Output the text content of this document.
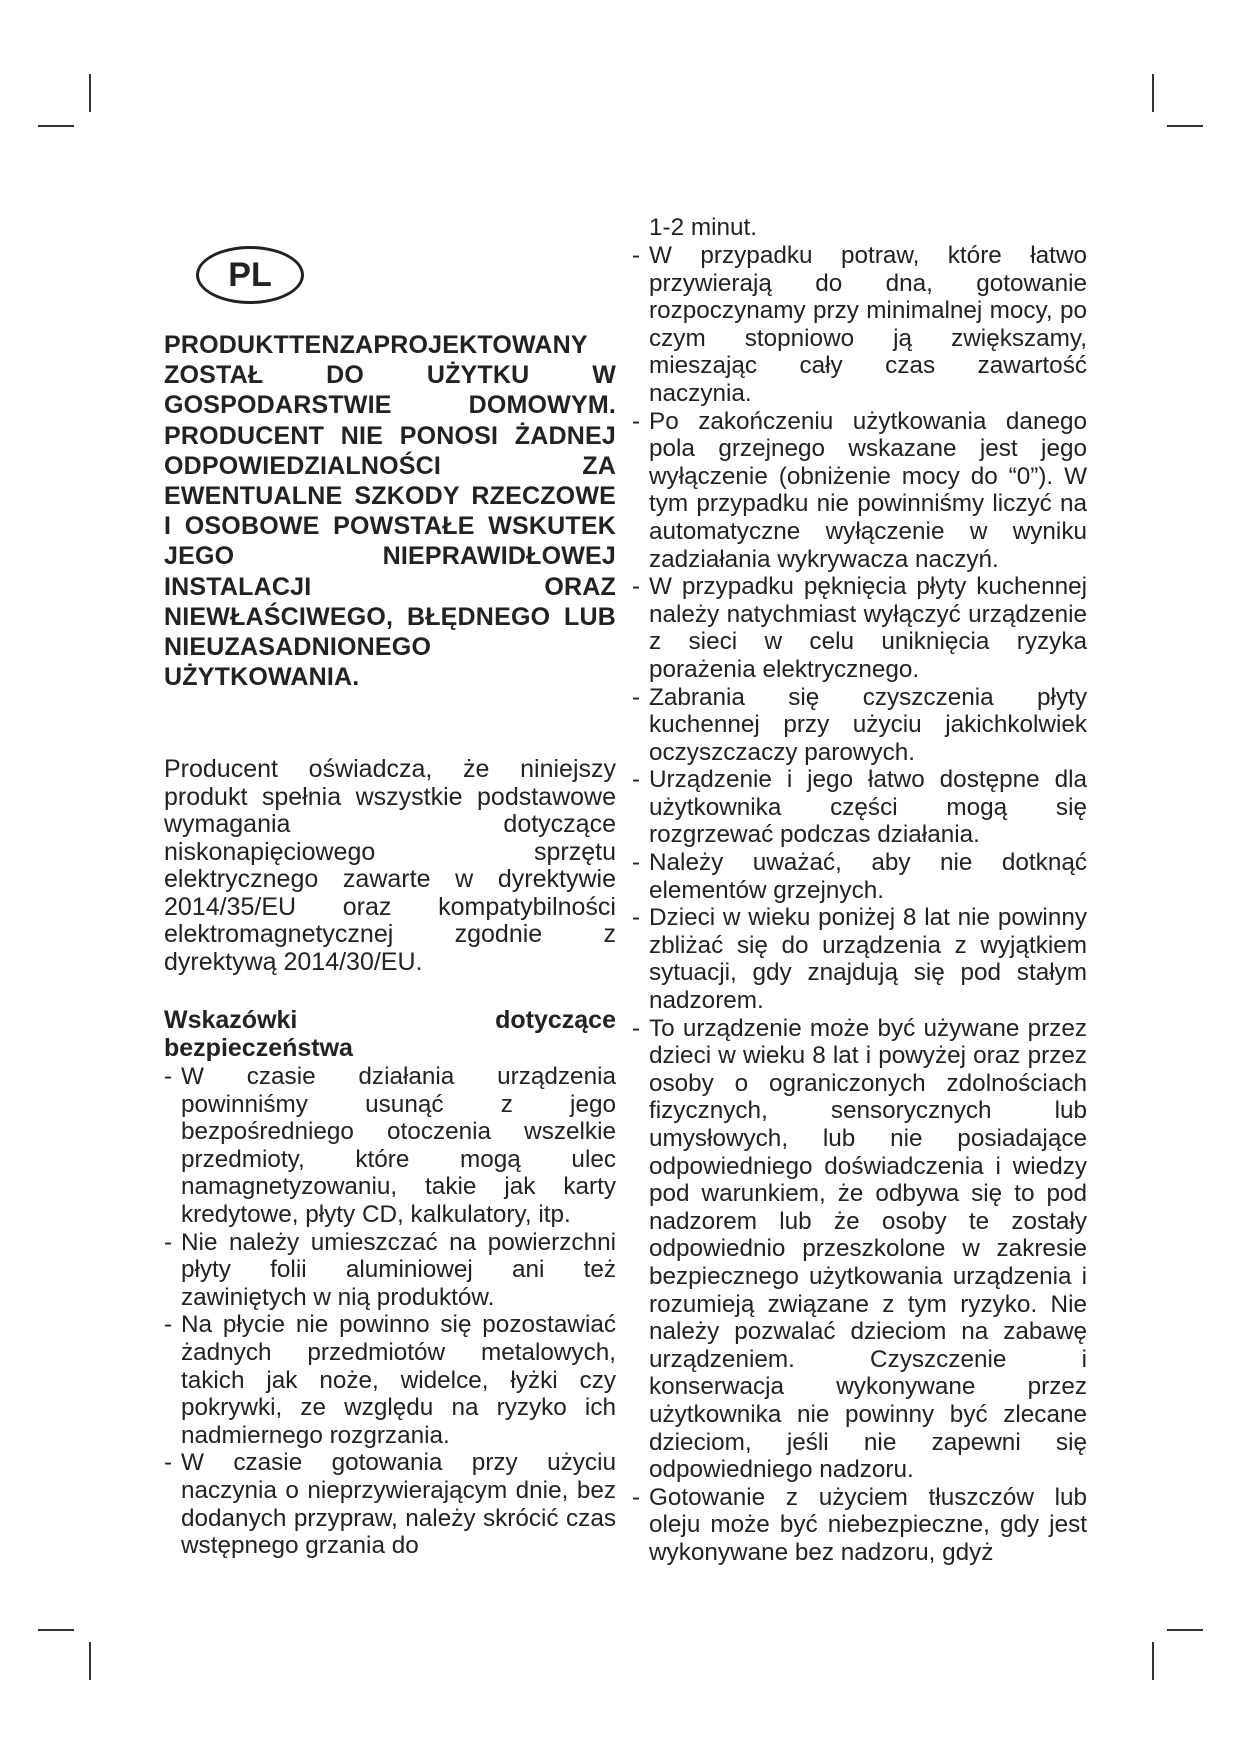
PL
PRODUKTTENZAPROJEKTOWANY ZOSTAŁ DO UŻYTKU W GOSPODARSTWIE DOMOWYM. PRODUCENT NIE PONOSI ŻADNEJ ODPOWIEDZIALNOŚCI ZA EWENTUALNE SZKODY RZECZOWE I OSOBOWE POWSTAŁE WSKUTEK JEGO NIEPRAWIDŁOWEJ INSTALACJI ORAZ NIEWŁAŚCIWEGO, BŁĘDNEGO LUB NIEUZASADNIONEGO UŻYTKOWANIA.
Producent oświadcza, że niniejszy produkt spełnia wszystkie podstawowe wymagania dotyczące niskonapięciowego sprzętu elektrycznego zawarte w dyrektywie 2014/35/EU oraz kompatybilności elektromagnetycznej zgodnie z dyrektywą 2014/30/EU.
Wskazówki dotyczące
bezpieczeństwa
- W czasie działania urządzenia powinniśmy usunąć z jego bezpośredniego otoczenia wszelkie przedmioty, które mogą ulec namagnetyzowaniu, takie jak karty kredytowe, płyty CD, kalkulatory, itp.
- Nie należy umieszczać na powierzchni płyty folii aluminiowej ani też zawiniętych w nią produktów.
- Na płycie nie powinno się pozostawiać żadnych przedmiotów metalowych, takich jak noże, widelce, łyżki czy pokrywki, ze względu na ryzyko ich nadmiernego rozgrzania.
- W czasie gotowania przy użyciu naczynia o nieprzywierającym dnie, bez dodanych przypraw, należy skrócić czas wstępnego grzania do
1-2 minut.
- W przypadku potraw, które łatwo przywierają do dna, gotowanie rozpoczynamy przy minimalnej mocy, po czym stopniowo ją zwiększamy, mieszając cały czas zawartość naczynia.
- Po zakończeniu użytkowania danego pola grzejnego wskazane jest jego wyłączenie (obniżenie mocy do “0”). W tym przypadku nie powinniśmy liczyć na automatyczne wyłączenie w wyniku zadziałania wykrywacza naczyń.
- W przypadku pęknięcia płyty kuchennej należy natychmiast wyłączyć urządzenie z sieci w celu uniknięcia ryzyka porażenia elektrycznego.
- Zabrania się czyszczenia płyty kuchennej przy użyciu jakichkolwiek oczyszczaczy parowych.
- Urządzenie i jego łatwo dostępne dla użytkownika części mogą się rozgrzewać podczas działania.
- Należy uważać, aby nie dotknąć elementów grzejnych.
- Dzieci w wieku poniżej 8 lat nie powinny zbliżać się do urządzenia z wyjątkiem sytuacji, gdy znajdują się pod stałym nadzorem.
- To urządzenie może być używane przez dzieci w wieku 8 lat i powyżej oraz przez osoby o ograniczonych zdolnościach fizycznych, sensorycznych lub umysłowych, lub nie posiadające odpowiedniego doświadczenia i wiedzy pod warunkiem, że odbywa się to pod nadzorem lub że osoby te zostały odpowiednio przeszkolone w zakresie bezpiecznego użytkowania urządzenia i rozumieją związane z tym ryzyko. Nie należy pozwalać dzieciom na zabawę urządzeniem. Czyszczenie i konserwacja wykonywane przez użytkownika nie powinny być zlecane dzieciom, jeśli nie zapewni się odpowiedniego nadzoru.
- Gotowanie z użyciem tłuszczów lub oleju może być niebezpieczne, gdy jest wykonywane bez nadzoru, gdyż
